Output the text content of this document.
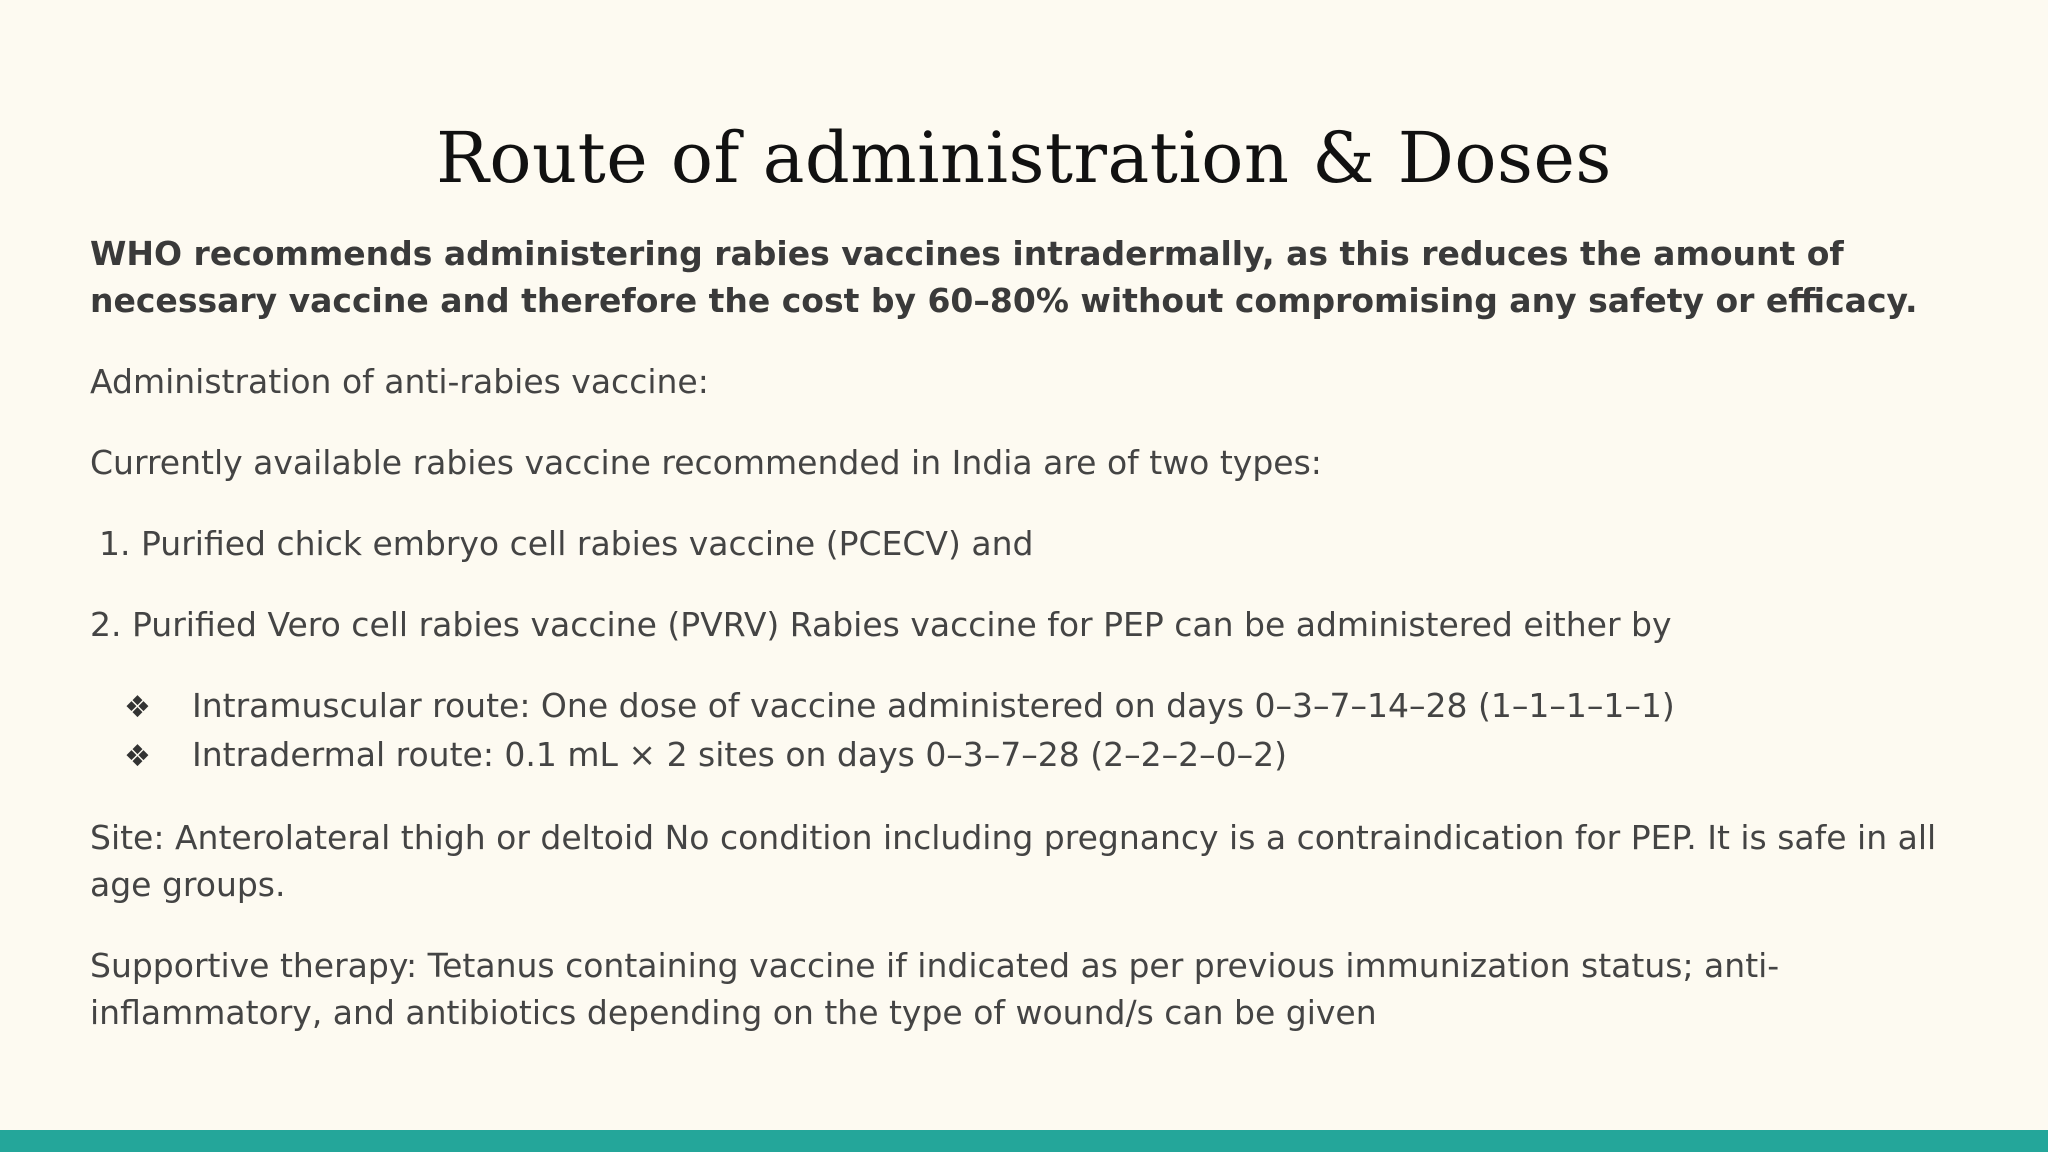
Route of administration & Doses

WHO recommends administering rabies vaccines intradermally, as this reduces the amount of necessary vaccine and therefore the cost by 60–80% without compromising any safety or efficacy.

Administration of anti-rabies vaccine:

Currently available rabies vaccine recommended in India are of two types:

1. Purified chick embryo cell rabies vaccine (PCECV) and

2. Purified Vero cell rabies vaccine (PVRV) Rabies vaccine for PEP can be administered either by

❖	Intramuscular route: One dose of vaccine administered on days 0–3–7–14–28 (1–1–1–1–1)
❖	Intradermal route: 0.1 mL × 2 sites on days 0–3–7–28 (2–2–2–0–2)

Site: Anterolateral thigh or deltoid No condition including pregnancy is a contraindication for PEP. It is safe in all age groups.

Supportive therapy: Tetanus containing vaccine if indicated as per previous immunization status; anti-inflammatory, and antibiotics depending on the type of wound/s can be given
